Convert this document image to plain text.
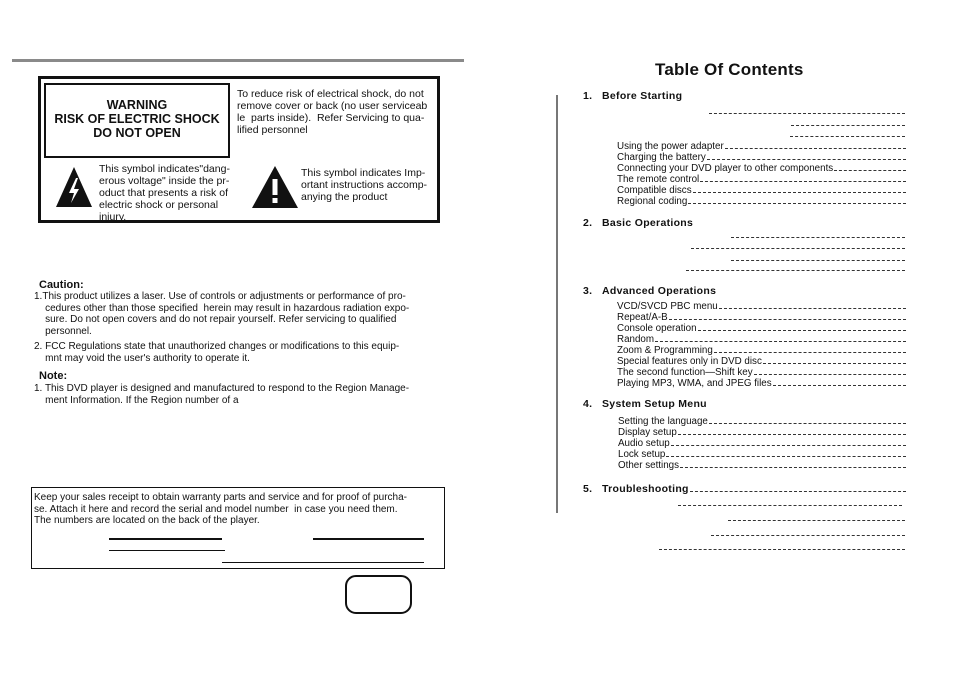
WARNING
RISK OF ELECTRIC SHOCK
DO NOT OPEN
To reduce risk of electrical shock, do not
remove cover or back (no user serviceab
le  parts inside).  Refer Servicing to qua-
lified personnel
This symbol indicates"dang-
erous voltage" inside the pr-
oduct that presents a risk of
electric shock or personal
injury.
This symbol indicates Imp-
ortant instructions accomp-
anying the product
Caution:
1.This product utilizes a laser. Use of controls or adjustments or performance of pro-
cedures other than those specified  herein may result in hazardous radiation expo-
sure. Do not open covers and do not repair yourself. Refer servicing to qualified
personnel.
2. FCC Regulations state that unauthorized changes or modifications to this equip-
mnt may void the user's authority to operate it.
Note:
1. This DVD player is designed and manufactured to respond to the Region Manage-
ment Information. If the Region number of a
Keep your sales receipt to obtain warranty parts and service and for proof of purcha-
se. Attach it here and record the serial and model number  in case you need them.
The numbers are located on the back of the player.
Table Of Contents
1. Before Starting
Using the power adapter
Charging the battery
Connecting your DVD player to other components
The remote control
Compatible discs
Regional coding
2. Basic Operations
3. Advanced Operations
VCD/SVCD PBC menu
Repeat/A-B
Console operation
Random
Zoom & Programming
Special features only in DVD disc
The second function—Shift key
Playing MP3, WMA, and JPEG files
4. System Setup Menu
Setting the language
Display setup
Audio setup
Lock setup
Other settings
5. Troubleshooting
